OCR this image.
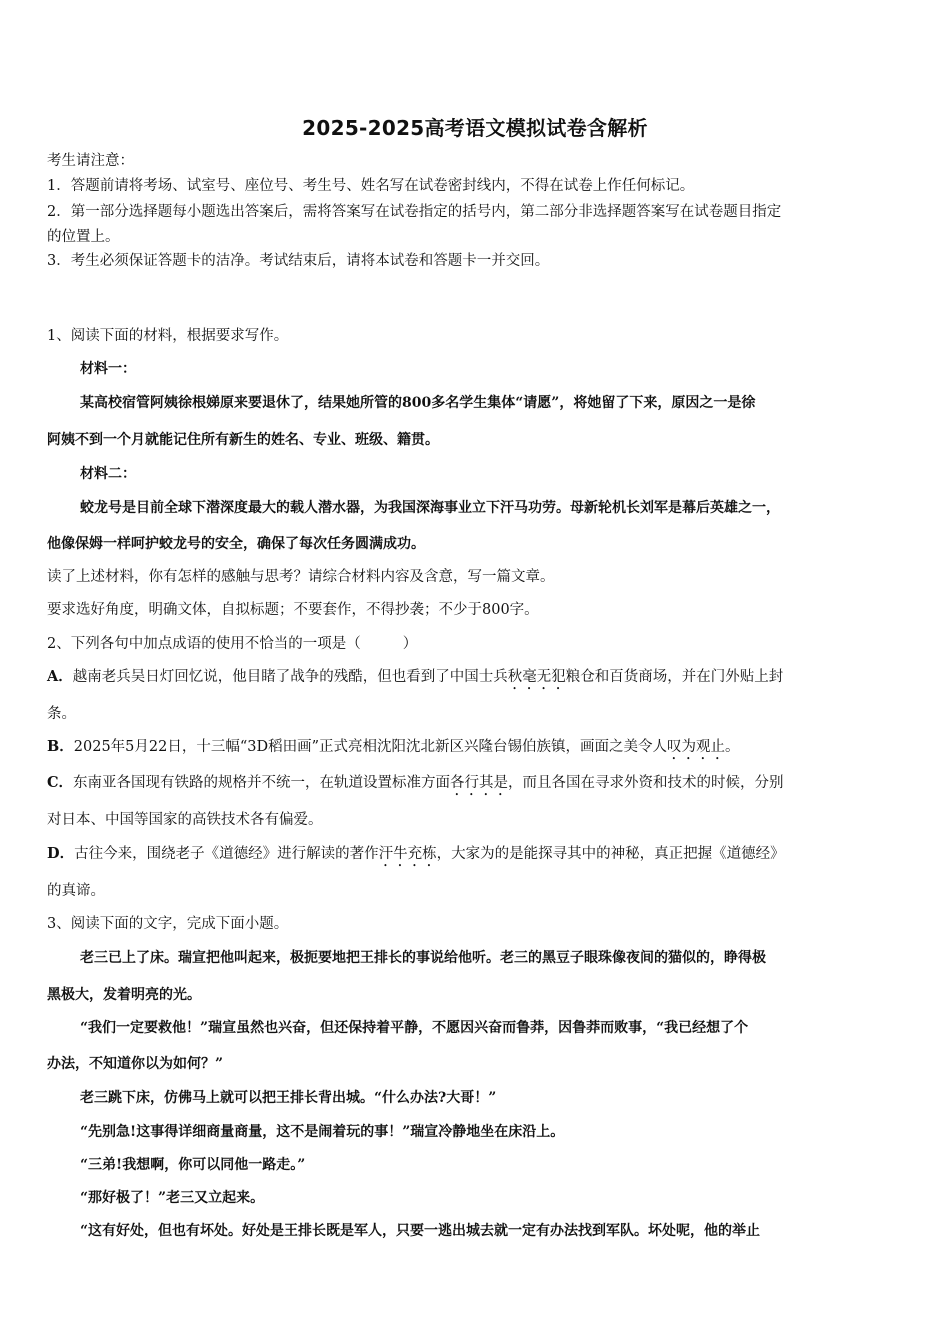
2025-2025高考语文模拟试卷含解析
考生请注意：
1．答题前请将考场、试室号、座位号、考生号、姓名写在试卷密封线内，不得在试卷上作任何标记。
2．第一部分选择题每小题选出答案后，需将答案写在试卷指定的括号内，第二部分非选择题答案写在试卷题目指定
的位置上。
3．考生必须保证答题卡的洁净。考试结束后，请将本试卷和答题卡一并交回。
1、阅读下面的材料，根据要求写作。
材料一：
某高校宿管阿姨徐根娣原来要退休了，结果她所管的800多名学生集体“请愿”，将她留了下来，原因之一是徐
阿姨不到一个月就能记住所有新生的姓名、专业、班级、籍贯。
材料二：
蛟龙号是目前全球下潜深度最大的载人潜水器，为我国深海事业立下汗马功劳。母新轮机长刘军是幕后英雄之一，
他像保姆一样呵护蛟龙号的安全，确保了每次任务圆满成功。
读了上述材料，你有怎样的感触与思考？请综合材料内容及含意，写一篇文章。
要求选好角度，明确文体，自拟标题；不要套作，不得抄袭；不少于800字。
2、下列各句中加点成语的使用不恰当的一项是（	）
A．越南老兵吴日灯回忆说，他目睹了战争的残酷，但也看到了中国士兵秋毫无犯粮仓和百货商场，并在门外贴上封
条。
B．2025年5月22日，十三幅“3D稻田画”正式亮相沈阳沈北新区兴隆台锡伯族镇，画面之美令人叹为观止。
C．东南亚各国现有铁路的规格并不统一，在轨道设置标准方面各行其是，而且各国在寻求外资和技术的时候，分别
对日本、中国等国家的高铁技术各有偏爱。
D．古往今来，围绕老子《道德经》进行解读的著作汗牛充栋，大家为的是能探寻其中的神秘，真正把握《道德经》
的真谛。
3、阅读下面的文字，完成下面小题。
老三已上了床。瑞宣把他叫起来，极扼要地把王排长的事说给他听。老三的黑豆子眼珠像夜间的猫似的，睁得极
黑极大，发着明亮的光。
“我们一定要救他！”瑞宣虽然也兴奋，但还保持着平静，不愿因兴奋而鲁莽，因鲁莽而败事，“我已经想了个
办法，不知道你以为如何？”
老三跳下床，仿佛马上就可以把王排长背出城。“什么办法?大哥！”
“先别急!这事得详细商量商量，这不是闹着玩的事！”瑞宣冷静地坐在床沿上。
“三弟!我想啊，你可以同他一路走。”
“那好极了！”老三又立起来。
“这有好处，但也有坏处。好处是王排长既是军人，只要一逃出城去就一定有办法找到军队。坏处呢，他的举止
